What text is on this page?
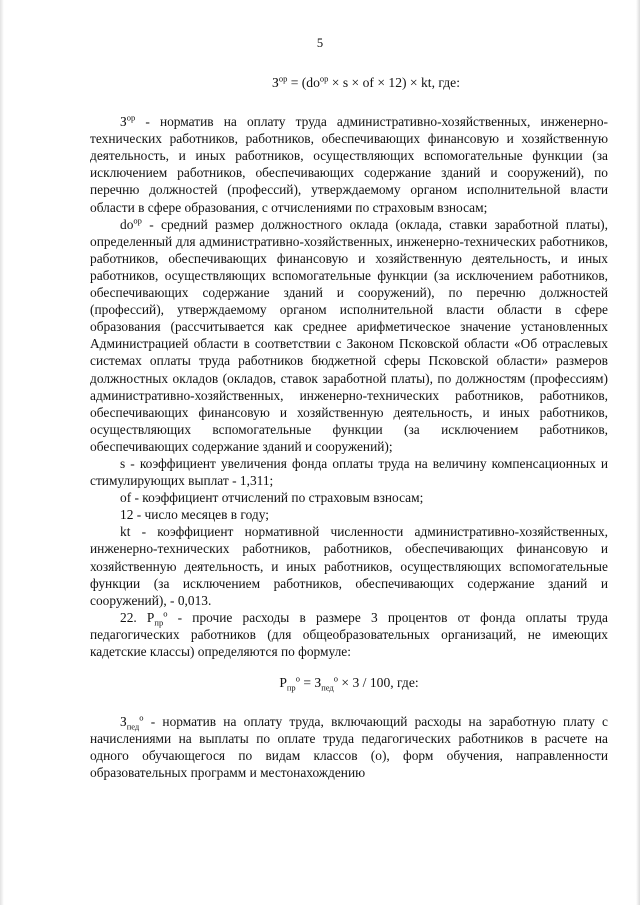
5
$З^{ор} = (do^{ор} \times s$ × of × 12) × kt, где:

$З^{ор}$ - норматив на оплату труда административно-хозяйственных, инженерно-технических работников, работников, обеспечивающих финансовую и хозяйственную деятельность, и иных работников, осуществляющих вспомогательные функции (за исключением работников, обеспечивающих содержание зданий и сооружений), по перечню должностей (профессий), утверждаемому органом исполнительной власти области в сфере образования, с отчислениями по страховым взносам;

$do^{ор}$ - средний размер должностного оклада (оклада, ставки заработной платы), определенный для административно-хозяйственных, инженерно-технических работников, работников, обеспечивающих финансовую и хозяйственную деятельность, и иных работников, осуществляющих вспомогательные функции (за исключением работников, обеспечивающих содержание зданий и сооружений), по перечню должностей (профессий), утверждаемому органом исполнительной власти области в сфере образования (рассчитывается как среднее арифметическое значение установленных Администрацией области в соответствии с Законом Псковской области «Об отраслевых системах оплаты труда работников бюджетной сферы Псковской области» размеров должностных окладов (окладов, ставок заработной платы), по должностям (профессиям) административно-хозяйственных, инженерно-технических работников, работников, обеспечивающих финансовую и хозяйственную деятельность, и иных работников, осуществляющих вспомогательные функции (за исключением работников, обеспечивающих содержание зданий и сооружений);

s - коэффициент увеличения фонда оплаты труда на величину компенсационных и стимулирующих выплат - 1,311;

of - коэффициент отчислений по страховым взносам;

12 - число месяцев в году;

kt - коэффициент нормативной численности административно-хозяйственных, инженерно-технических работников, работников, обеспечивающих финансовую и хозяйственную деятельность, и иных работников, осуществляющих вспомогательные функции (за исключением работников, обеспечивающих содержание зданий и сооружений), - 0,013.

22. $Р_{пр}^о$ - прочие расходы в размере 3 процентов от фонда оплаты труда педагогических работников (для общеобразовательных организаций, не имеющих кадетские классы) определяются по формуле:

$Р_{пр}^о = З_{пед}^о \times 3 / 100$, где:

$З_{пед}^о$ - норматив на оплату труда, включающий расходы на заработную плату с начислениями на выплаты по оплате труда педагогических работников в расчете на одного обучающегося по видам классов (о), форм обучения, направленности образовательных программ и местонахождению
